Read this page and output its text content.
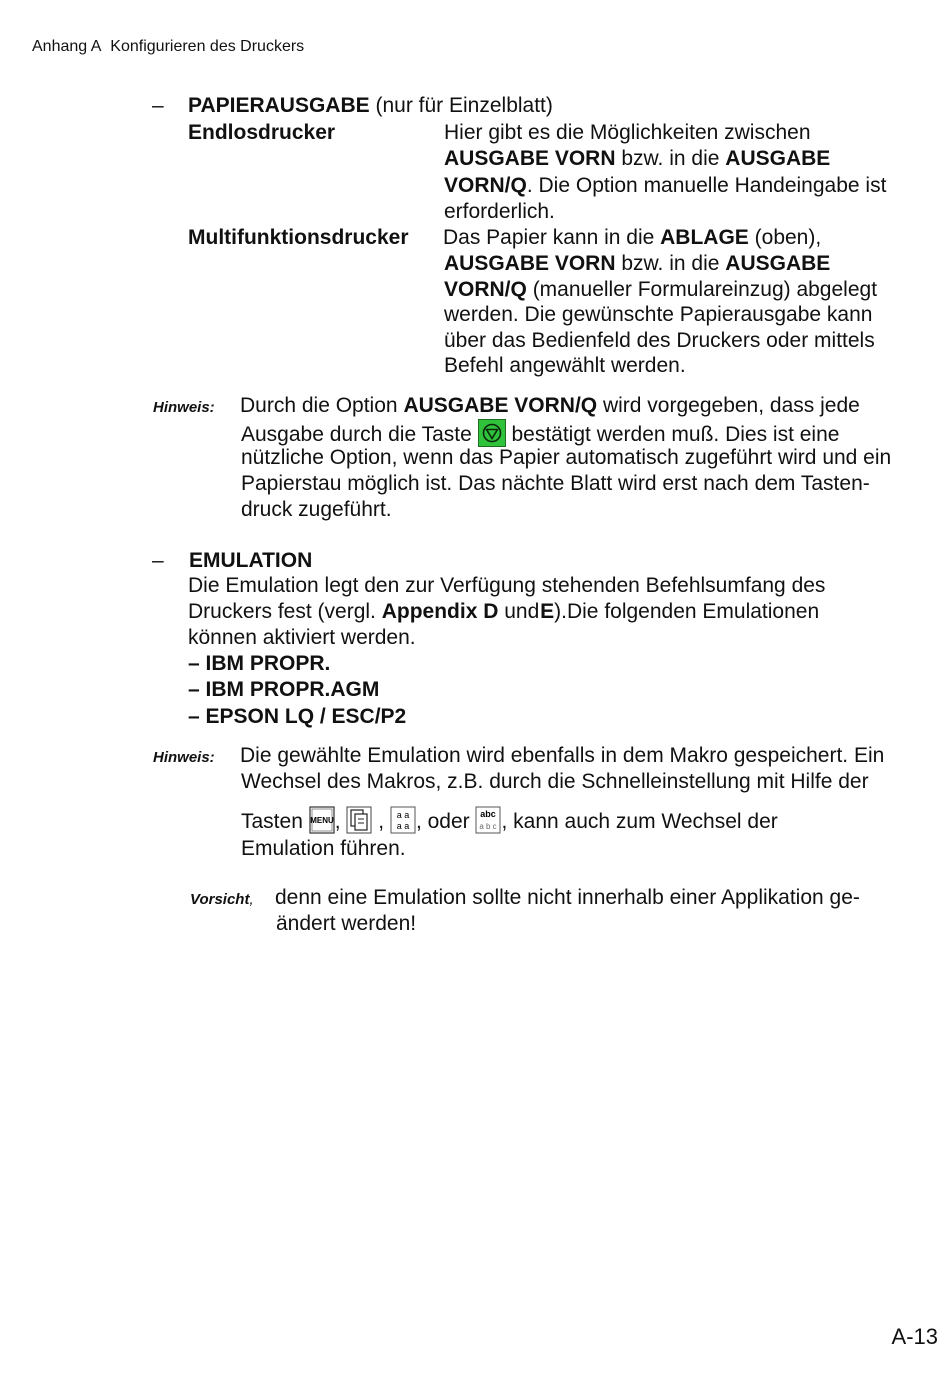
Anhang A Konfigurieren des Druckers
– PAPIERAUSGABE (nur für Einzelblatt)
Endlosdrucker	Hier gibt es die Möglichkeiten zwischen
AUSGABE VORN bzw. in die AUSGABE
VORN/Q. Die Option manuelle Handeingabe ist
erforderlich.
Multifunktionsdrucker Das Papier kann in die ABLAGE (oben),
AUSGABE VORN bzw. in die AUSGABE
VORN/Q (manueller Formulareinzug) abgelegt
werden. Die gewünschte Papierausgabe kann
über das Bedienfeld des Druckers oder mittels
Befehl angewählt werden.
Hinweis: Durch die Option AUSGABE VORN/Q wird vorgegeben, dass jede
Ausgabe durch die Taste bestätigt werden muß. Dies ist eine
nützliche Option, wenn das Papier automatisch zugeführt wird und ein
Papierstau möglich ist. Das nächte Blatt wird erst nach dem Tasten-
druck zugeführt.
– EMULATION
Die Emulation legt den zur Verfügung stehenden Befehlsumfang des
Druckers fest (vergl. Appendix D und E).Die folgenden Emulationen
können aktiviert werden.
– IBM PROPR.
– IBM PROPR.AGM
– EPSON LQ / ESC/P2
Hinweis: Die gewählte Emulation wird ebenfalls in dem Makro gespeichert. Ein
Wechsel des Makros, z.B. durch die Schnelleinstellung mit Hilfe der
Tasten MENU , , a a
a a , oder abc
a b c , kann auch zum Wechsel der
Emulation führen.
Vorsicht, denn eine Emulation sollte nicht innerhalb einer Applikation ge-
ändert werden!
A-13
